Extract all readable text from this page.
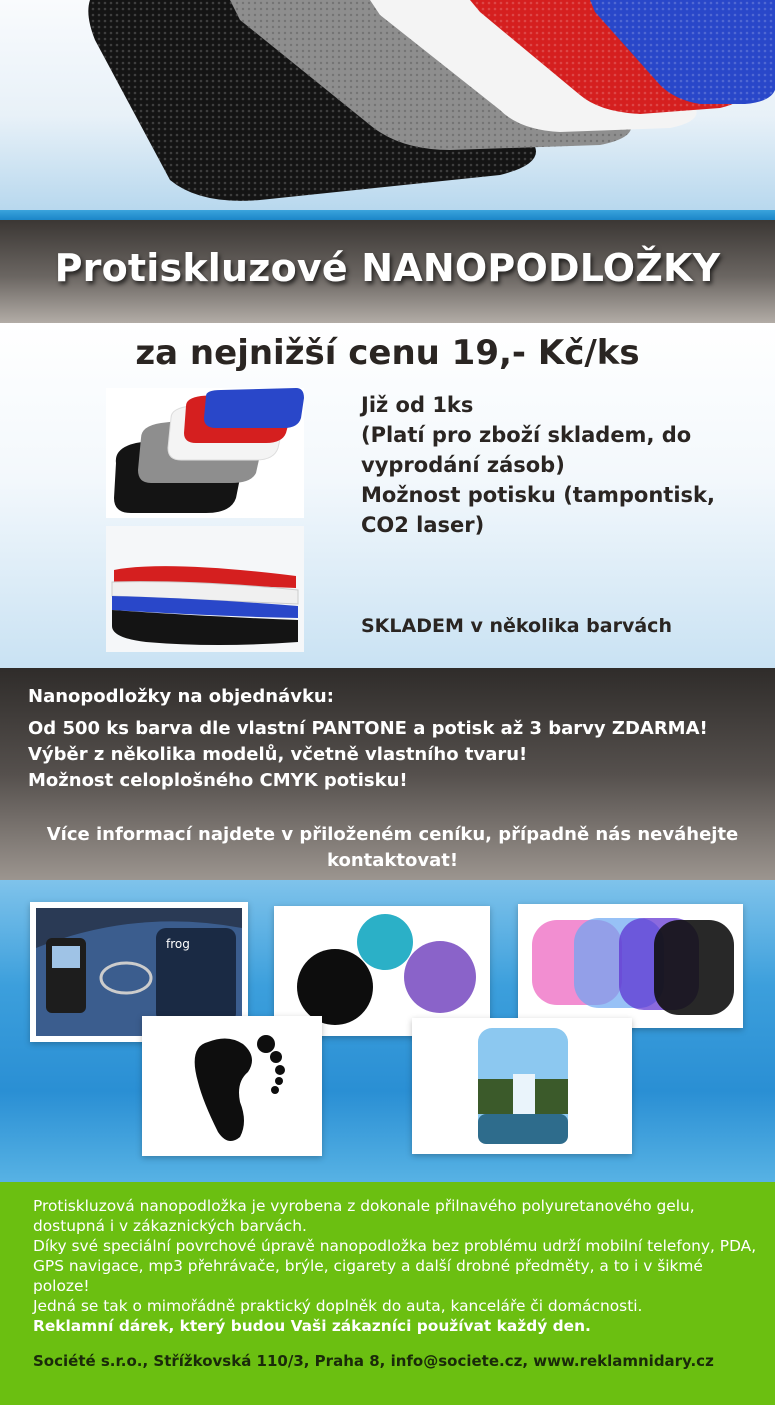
Protiskluzové NANOPODLOŽKY
za nejnižší cenu 19,- Kč/ks
Již od 1ks
(Platí pro zboží skladem, do vyprodání zásob)
Možnost potisku (tampontisk, CO2 laser)
SKLADEM v několika barvách
Nanopodložky na objednávku:
Od 500 ks barva dle vlastní PANTONE a potisk až 3 barvy ZDARMA!
Výběr z několika modelů, včetně vlastního tvaru!
Možnost celoplošného CMYK potisku!
Více informací najdete v přiloženém ceníku, případně nás neváhejte kontaktovat!
frog

Protiskluzová nanopodložka je vyrobena z dokonale přilnavého polyuretanového gelu, dostupná i v zákaznických barvách.

Díky své speciální povrchové úpravě nanopodložka bez problému udrží mobilní telefony, PDA, GPS navigace, mp3 přehrávače, brýle, cigarety a další drobné předměty, a to i v šikmé poloze!

Jedná se tak o mimořádně praktický doplněk do auta, kanceláře či domácnosti.

Reklamní dárek, který budou Vaši zákazníci používat každý den.

Société s.r.o., Střížkovská 110/3, Praha 8, info@societe.cz, www.reklamnidary.cz
